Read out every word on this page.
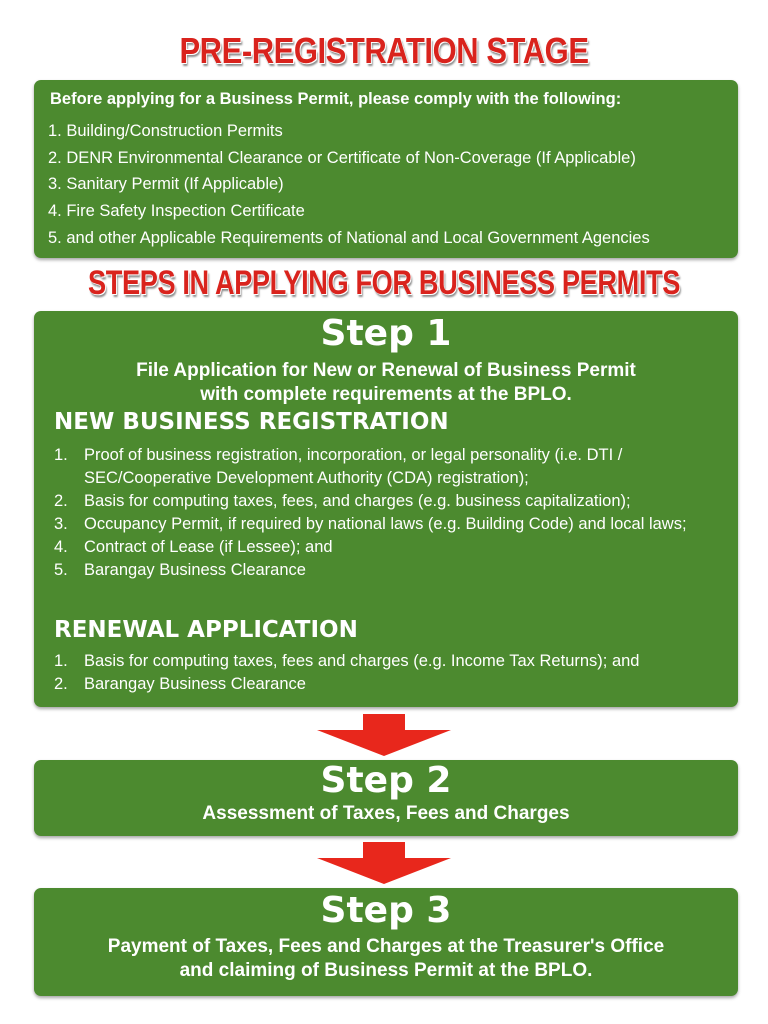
PRE-REGISTRATION STAGE
Before applying for a Business Permit, please comply with the following:
1. Building/Construction Permits
2. DENR Environmental Clearance or Certificate of Non-Coverage (If Applicable)
3. Sanitary Permit (If Applicable)
4. Fire Safety Inspection Certificate
5. and other Applicable Requirements of National and Local Government Agencies
STEPS IN APPLYING FOR BUSINESS PERMITS
Step 1
File Application for New or Renewal of Business Permit
with complete requirements at the BPLO.
NEW BUSINESS REGISTRATION
1. Proof of business registration, incorporation, or legal personality (i.e. DTI / SEC/Cooperative Development Authority (CDA) registration);
2. Basis for computing taxes, fees, and charges (e.g. business capitalization);
3. Occupancy Permit, if required by national laws (e.g. Building Code) and local laws;
4. Contract of Lease (if Lessee); and
5. Barangay Business Clearance
RENEWAL APPLICATION
1. Basis for computing taxes, fees and charges (e.g. Income Tax Returns); and
2. Barangay Business Clearance
Step 2
Assessment of Taxes, Fees and Charges
Step 3
Payment of Taxes, Fees and Charges at the Treasurer's Office
and claiming of Business Permit at the BPLO.
